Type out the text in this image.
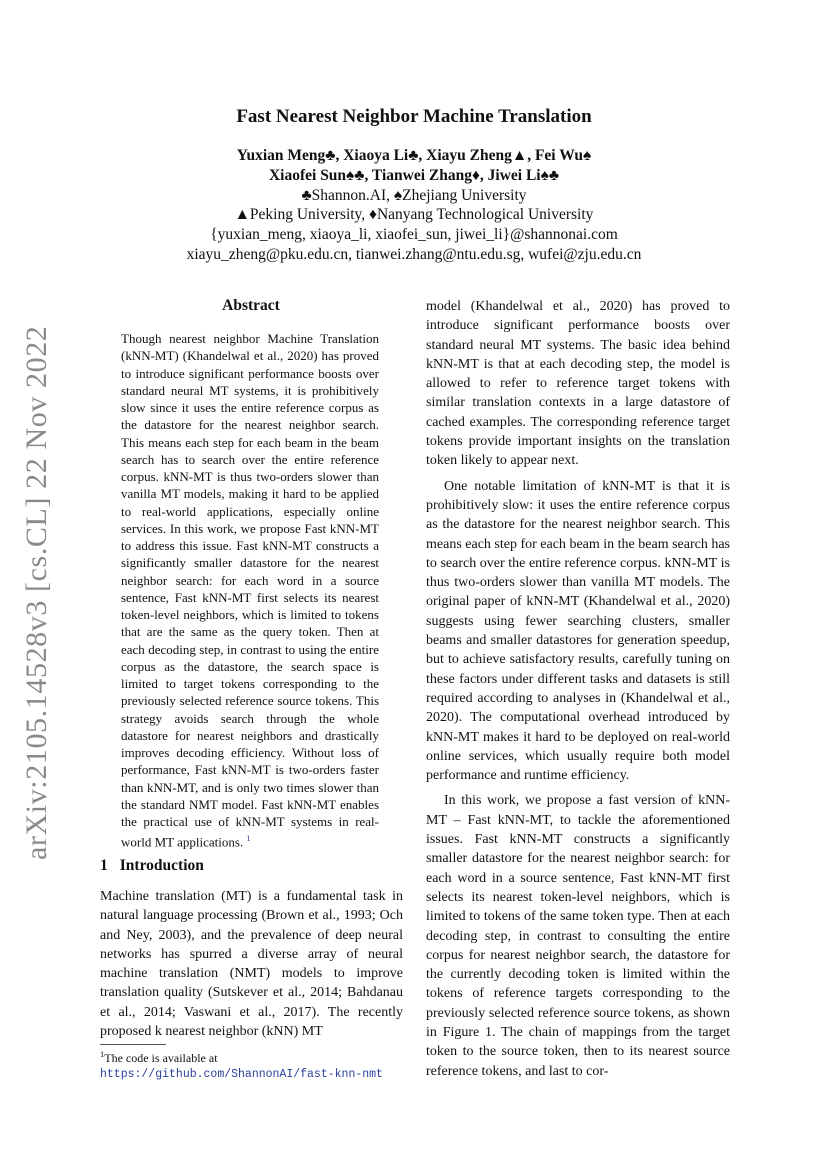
arXiv:2105.14528v3 [cs.CL] 22 Nov 2022
Fast Nearest Neighbor Machine Translation
Yuxian Meng♣, Xiaoya Li♣, Xiayu Zheng▲, Fei Wu♠
Xiaofei Sun♠♣, Tianwei Zhang♦, Jiwei Li♠♣
♣Shannon.AI, ♠Zhejiang University
▲Peking University, ♦Nanyang Technological University
{yuxian_meng, xiaoya_li, xiaofei_sun, jiwei_li}@shannonai.com
xiayu_zheng@pku.edu.cn, tianwei.zhang@ntu.edu.sg, wufei@zju.edu.cn
Abstract
Though nearest neighbor Machine Translation (kNN-MT) (Khandelwal et al., 2020) has proved to introduce significant performance boosts over standard neural MT systems, it is prohibitively slow since it uses the entire reference corpus as the datastore for the nearest neighbor search. This means each step for each beam in the beam search has to search over the entire reference corpus. kNN-MT is thus two-orders slower than vanilla MT models, making it hard to be applied to real-world applications, especially online services. In this work, we propose Fast kNN-MT to address this issue. Fast kNN-MT constructs a significantly smaller datastore for the nearest neighbor search: for each word in a source sentence, Fast kNN-MT first selects its nearest token-level neighbors, which is limited to tokens that are the same as the query token. Then at each decoding step, in contrast to using the entire corpus as the datastore, the search space is limited to target tokens corresponding to the previously selected reference source tokens. This strategy avoids search through the whole datastore for nearest neighbors and drastically improves decoding efficiency. Without loss of performance, Fast kNN-MT is two-orders faster than kNN-MT, and is only two times slower than the standard NMT model. Fast kNN-MT enables the practical use of kNN-MT systems in real-world MT applications. $^1$
1 Introduction
Machine translation (MT) is a fundamental task in natural language processing (Brown et al., 1993; Och and Ney, 2003), and the prevalence of deep neural networks has spurred a diverse array of neural machine translation (NMT) models to improve translation quality (Sutskever et al., 2014; Bahdanau et al., 2014; Vaswani et al., 2017). The recently proposed k nearest neighbor (kNN) MT
$^1$The code is available at https://github.com/ShannonAI/fast-knn-nmt

model (Khandelwal et al., 2020) has proved to introduce significant performance boosts over standard neural MT systems. The basic idea behind kNN-MT is that at each decoding step, the model is allowed to refer to reference target tokens with similar translation contexts in a large datastore of cached examples. The corresponding reference target tokens provide important insights on the translation token likely to appear next.

One notable limitation of kNN-MT is that it is prohibitively slow: it uses the entire reference corpus as the datastore for the nearest neighbor search. This means each step for each beam in the beam search has to search over the entire reference corpus. kNN-MT is thus two-orders slower than vanilla MT models. The original paper of kNN-MT (Khandelwal et al., 2020) suggests using fewer searching clusters, smaller beams and smaller datastores for generation speedup, but to achieve satisfactory results, carefully tuning on these factors under different tasks and datasets is still required according to analyses in (Khandelwal et al., 2020). The computational overhead introduced by kNN-MT makes it hard to be deployed on real-world online services, which usually require both model performance and runtime efficiency.

In this work, we propose a fast version of kNN-MT – Fast kNN-MT, to tackle the aforementioned issues. Fast kNN-MT constructs a significantly smaller datastore for the nearest neighbor search: for each word in a source sentence, Fast kNN-MT first selects its nearest token-level neighbors, which is limited to tokens of the same token type. Then at each decoding step, in contrast to consulting the entire corpus for nearest neighbor search, the datastore for the currently decoding token is limited within the tokens of reference targets corresponding to the previously selected reference source tokens, as shown in Figure 1. The chain of mappings from the target token to the source token, then to its nearest source reference tokens, and last to cor-
